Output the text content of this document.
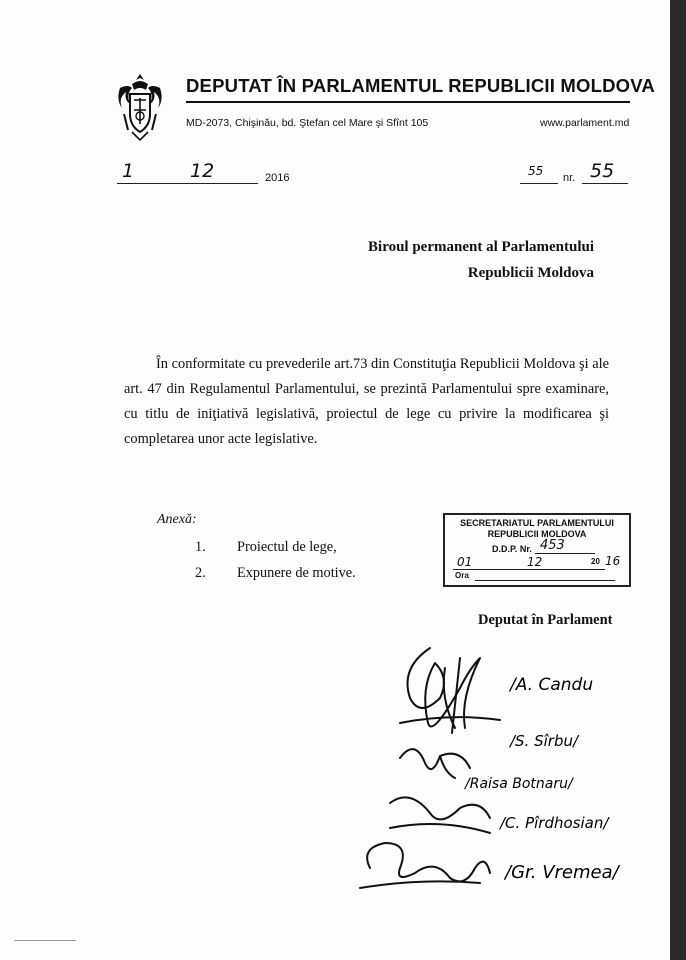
DEPUTAT ÎN PARLAMENTUL REPUBLICII MOLDOVA
MD-2073, Chişinău, bd. Ştefan cel Mare şi Sfînt 105	www.parlament.md
1	12	2016	55 nr. 55
Biroul permanent al Parlamentului
Republicii Moldova
În conformitate cu prevederile art.73 din Constituţia Republicii Moldova şi ale art. 47 din Regulamentul Parlamentului, se prezintă Parlamentului spre examinare, cu titlu de iniţiativă legislativă, proiectul de lege cu privire la modificarea şi completarea unor acte legislative.
Anexă:
1. Proiectul de lege,
2. Expunere de motive.
SECRETARIATUL PARLAMENTULUI
REPUBLICII MOLDOVA
D.D.P. Nr. 453
01	12	20 16
Ora
Deputat în Parlament
/A. Candu
/S. Sîrbu/
/Raisa Botnaru/
/C. Pîrdhosian/
/Gr. Vremea/
